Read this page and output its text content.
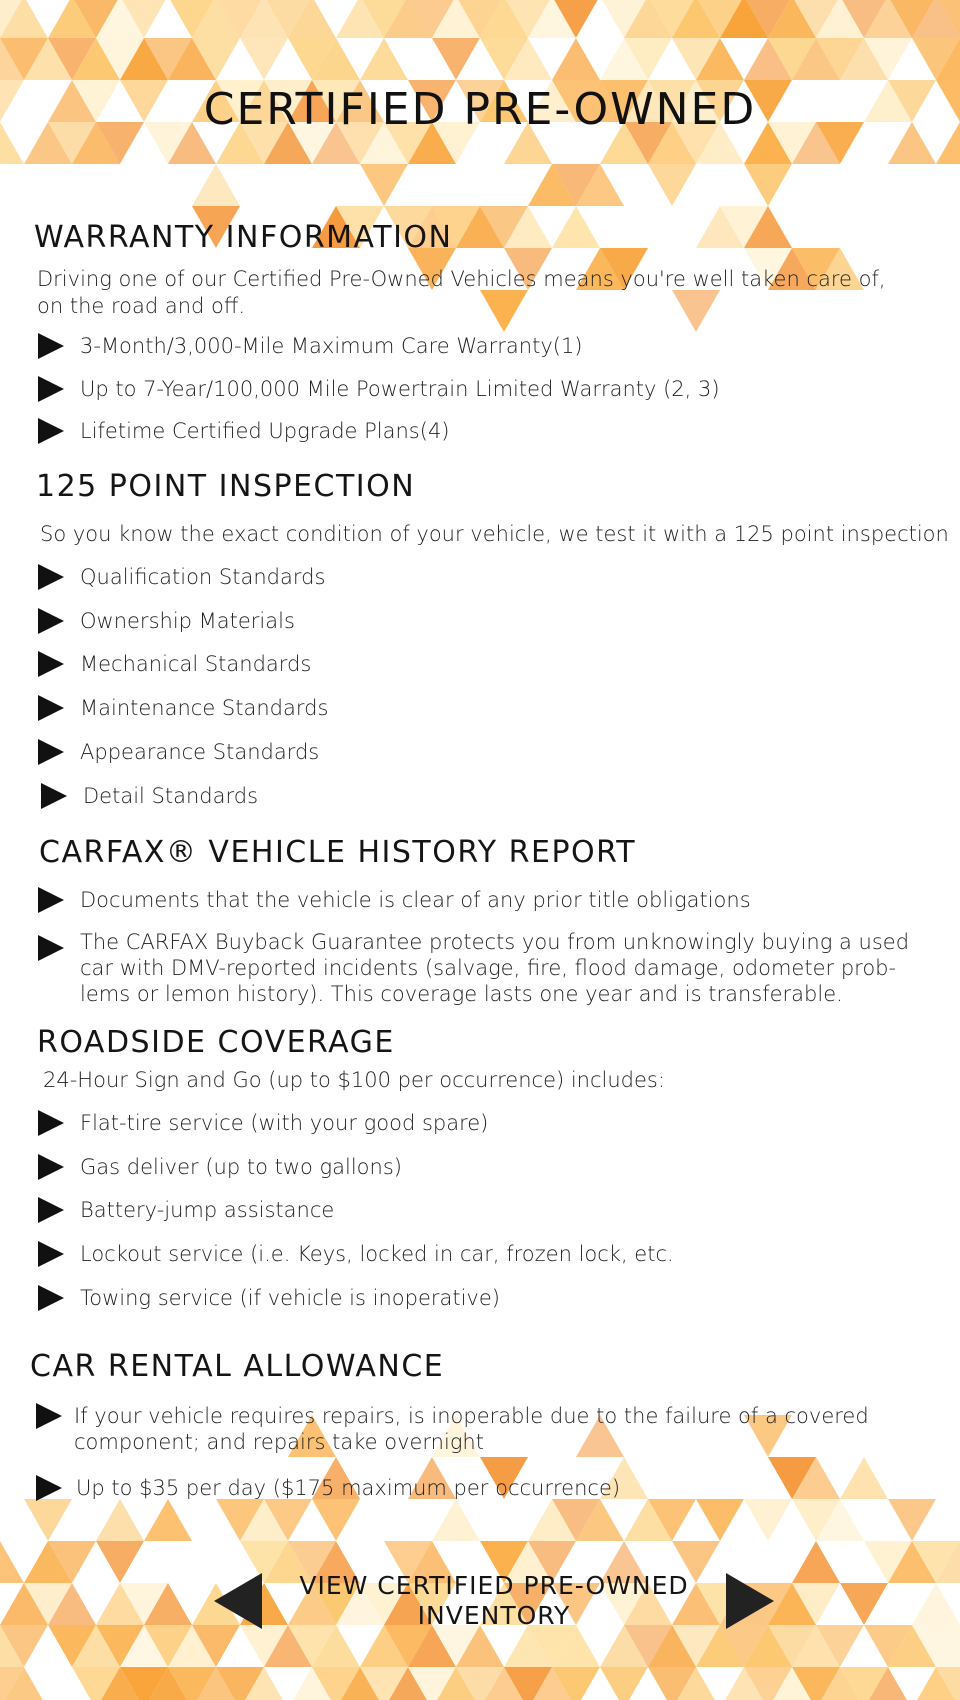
CERTIFIED PRE-OWNED
WARRANTY INFORMATION
Driving one of our Certified Pre-Owned Vehicles means you're well taken care of, on the road and off.
3-Month/3,000-Mile Maximum Care Warranty(1)
Up to 7-Year/100,000 Mile Powertrain Limited Warranty (2, 3)
Lifetime Certified Upgrade Plans(4)
125 POINT INSPECTION
So you know the exact condition of your vehicle, we test it with a 125 point inspection
Qualification Standards
Ownership Materials
Mechanical Standards
Maintenance Standards
Appearance Standards
Detail Standards
CARFAX® VEHICLE HISTORY REPORT
Documents that the vehicle is clear of any prior title obligations
The CARFAX Buyback Guarantee protects you from unknowingly buying a used car with DMV-reported incidents (salvage, fire, flood damage, odometer prob-lems or lemon history). This coverage lasts one year and is transferable.
ROADSIDE COVERAGE
24-Hour Sign and Go (up to $100 per occurrence) includes:
Flat-tire service (with your good spare)
Gas deliver (up to two gallons)
Battery-jump assistance
Lockout service (i.e. Keys, locked in car, frozen lock, etc.
Towing service (if vehicle is inoperative)
CAR RENTAL ALLOWANCE
If your vehicle requires repairs, is inoperable due to the failure of a covered component; and repairs take overnight
Up to $35 per day ($175 maximum per occurrence)
VIEW CERTIFIED PRE-OWNED INVENTORY
